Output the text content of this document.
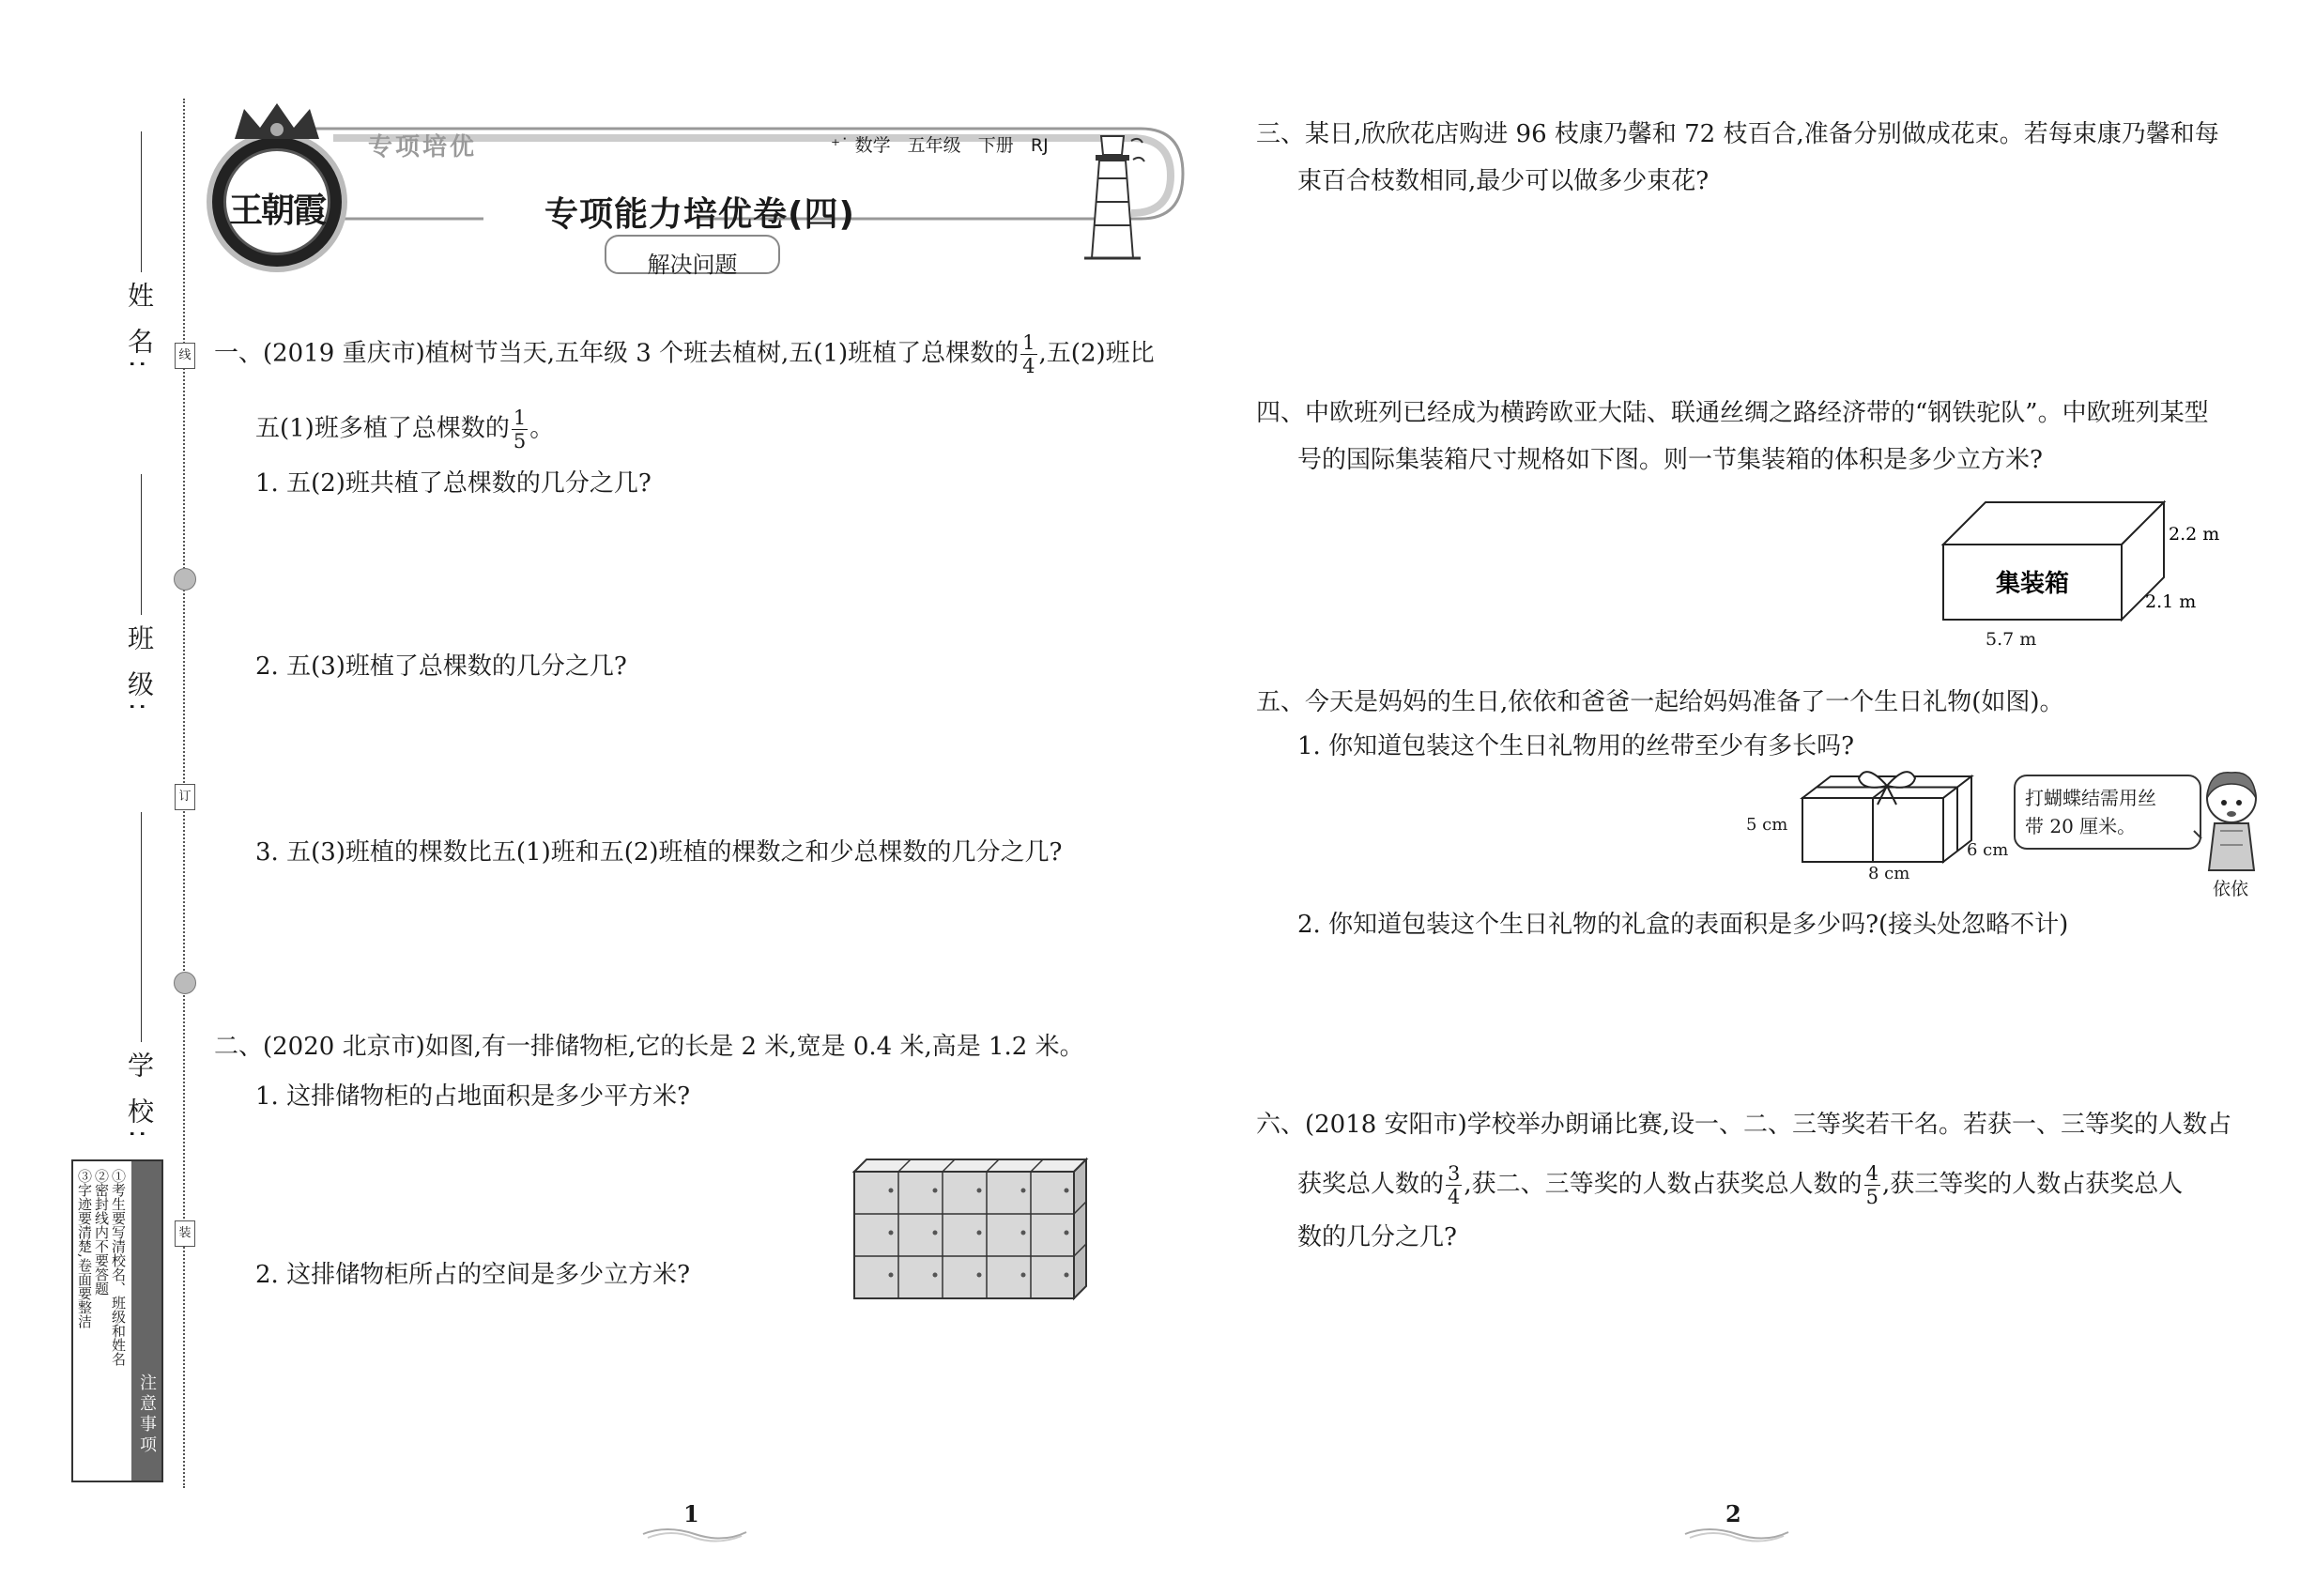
姓 名:
班 级:
学 校:
线
订
装
注意事项
①考生要写清校名、班级和姓名
②密封线内不要答题
③字迹要清楚,卷面要整洁
王朝霞
专项培优	⁺˙ 数学   五年级   下册   RJ
专项能力培优卷(四)
解决问题
一、(2019 重庆市)植树节当天,五年级 3 个班去植树,五(1)班植了总棵数的 $\frac{1}{4}$ ,五(2)班比
五(1)班多植了总棵数的 $\frac{1}{5}$ 。
1. 五(2)班共植了总棵数的几分之几?
2. 五(3)班植了总棵数的几分之几?
3. 五(3)班植的棵数比五(1)班和五(2)班植的棵数之和少总棵数的几分之几?
二、(2020 北京市)如图,有一排储物柜,它的长是 2 米,宽是 0.4 米,高是 1.2 米。
1. 这排储物柜的占地面积是多少平方米?
2. 这排储物柜所占的空间是多少立方米?
三、某日,欣欣花店购进 96 枝康乃馨和 72 枝百合,准备分别做成花束。若每束康乃馨和每
束百合枝数相同,最少可以做多少束花?
四、中欧班列已经成为横跨欧亚大陆、联通丝绸之路经济带的“钢铁驼队”。中欧班列某型
号的国际集装箱尺寸规格如下图。则一节集装箱的体积是多少立方米?
集装箱
2.2 m
2.1 m
5.7 m
五、今天是妈妈的生日,依依和爸爸一起给妈妈准备了一个生日礼物(如图)。
1. 你知道包装这个生日礼物用的丝带至少有多长吗?
5 cm
8 cm
6 cm
打蝴蝶结需用丝
带 20 厘米。
依依
2. 你知道包装这个生日礼物的礼盒的表面积是多少吗?(接头处忽略不计)
六、(2018 安阳市)学校举办朗诵比赛,设一、二、三等奖若干名。若获一、三等奖的人数占
获奖总人数的 $\frac{3}{4}$ ,获二、三等奖的人数占获奖总人数的 $\frac{4}{5}$ ,获三等奖的人数占获奖总人
数的几分之几?
1	2
